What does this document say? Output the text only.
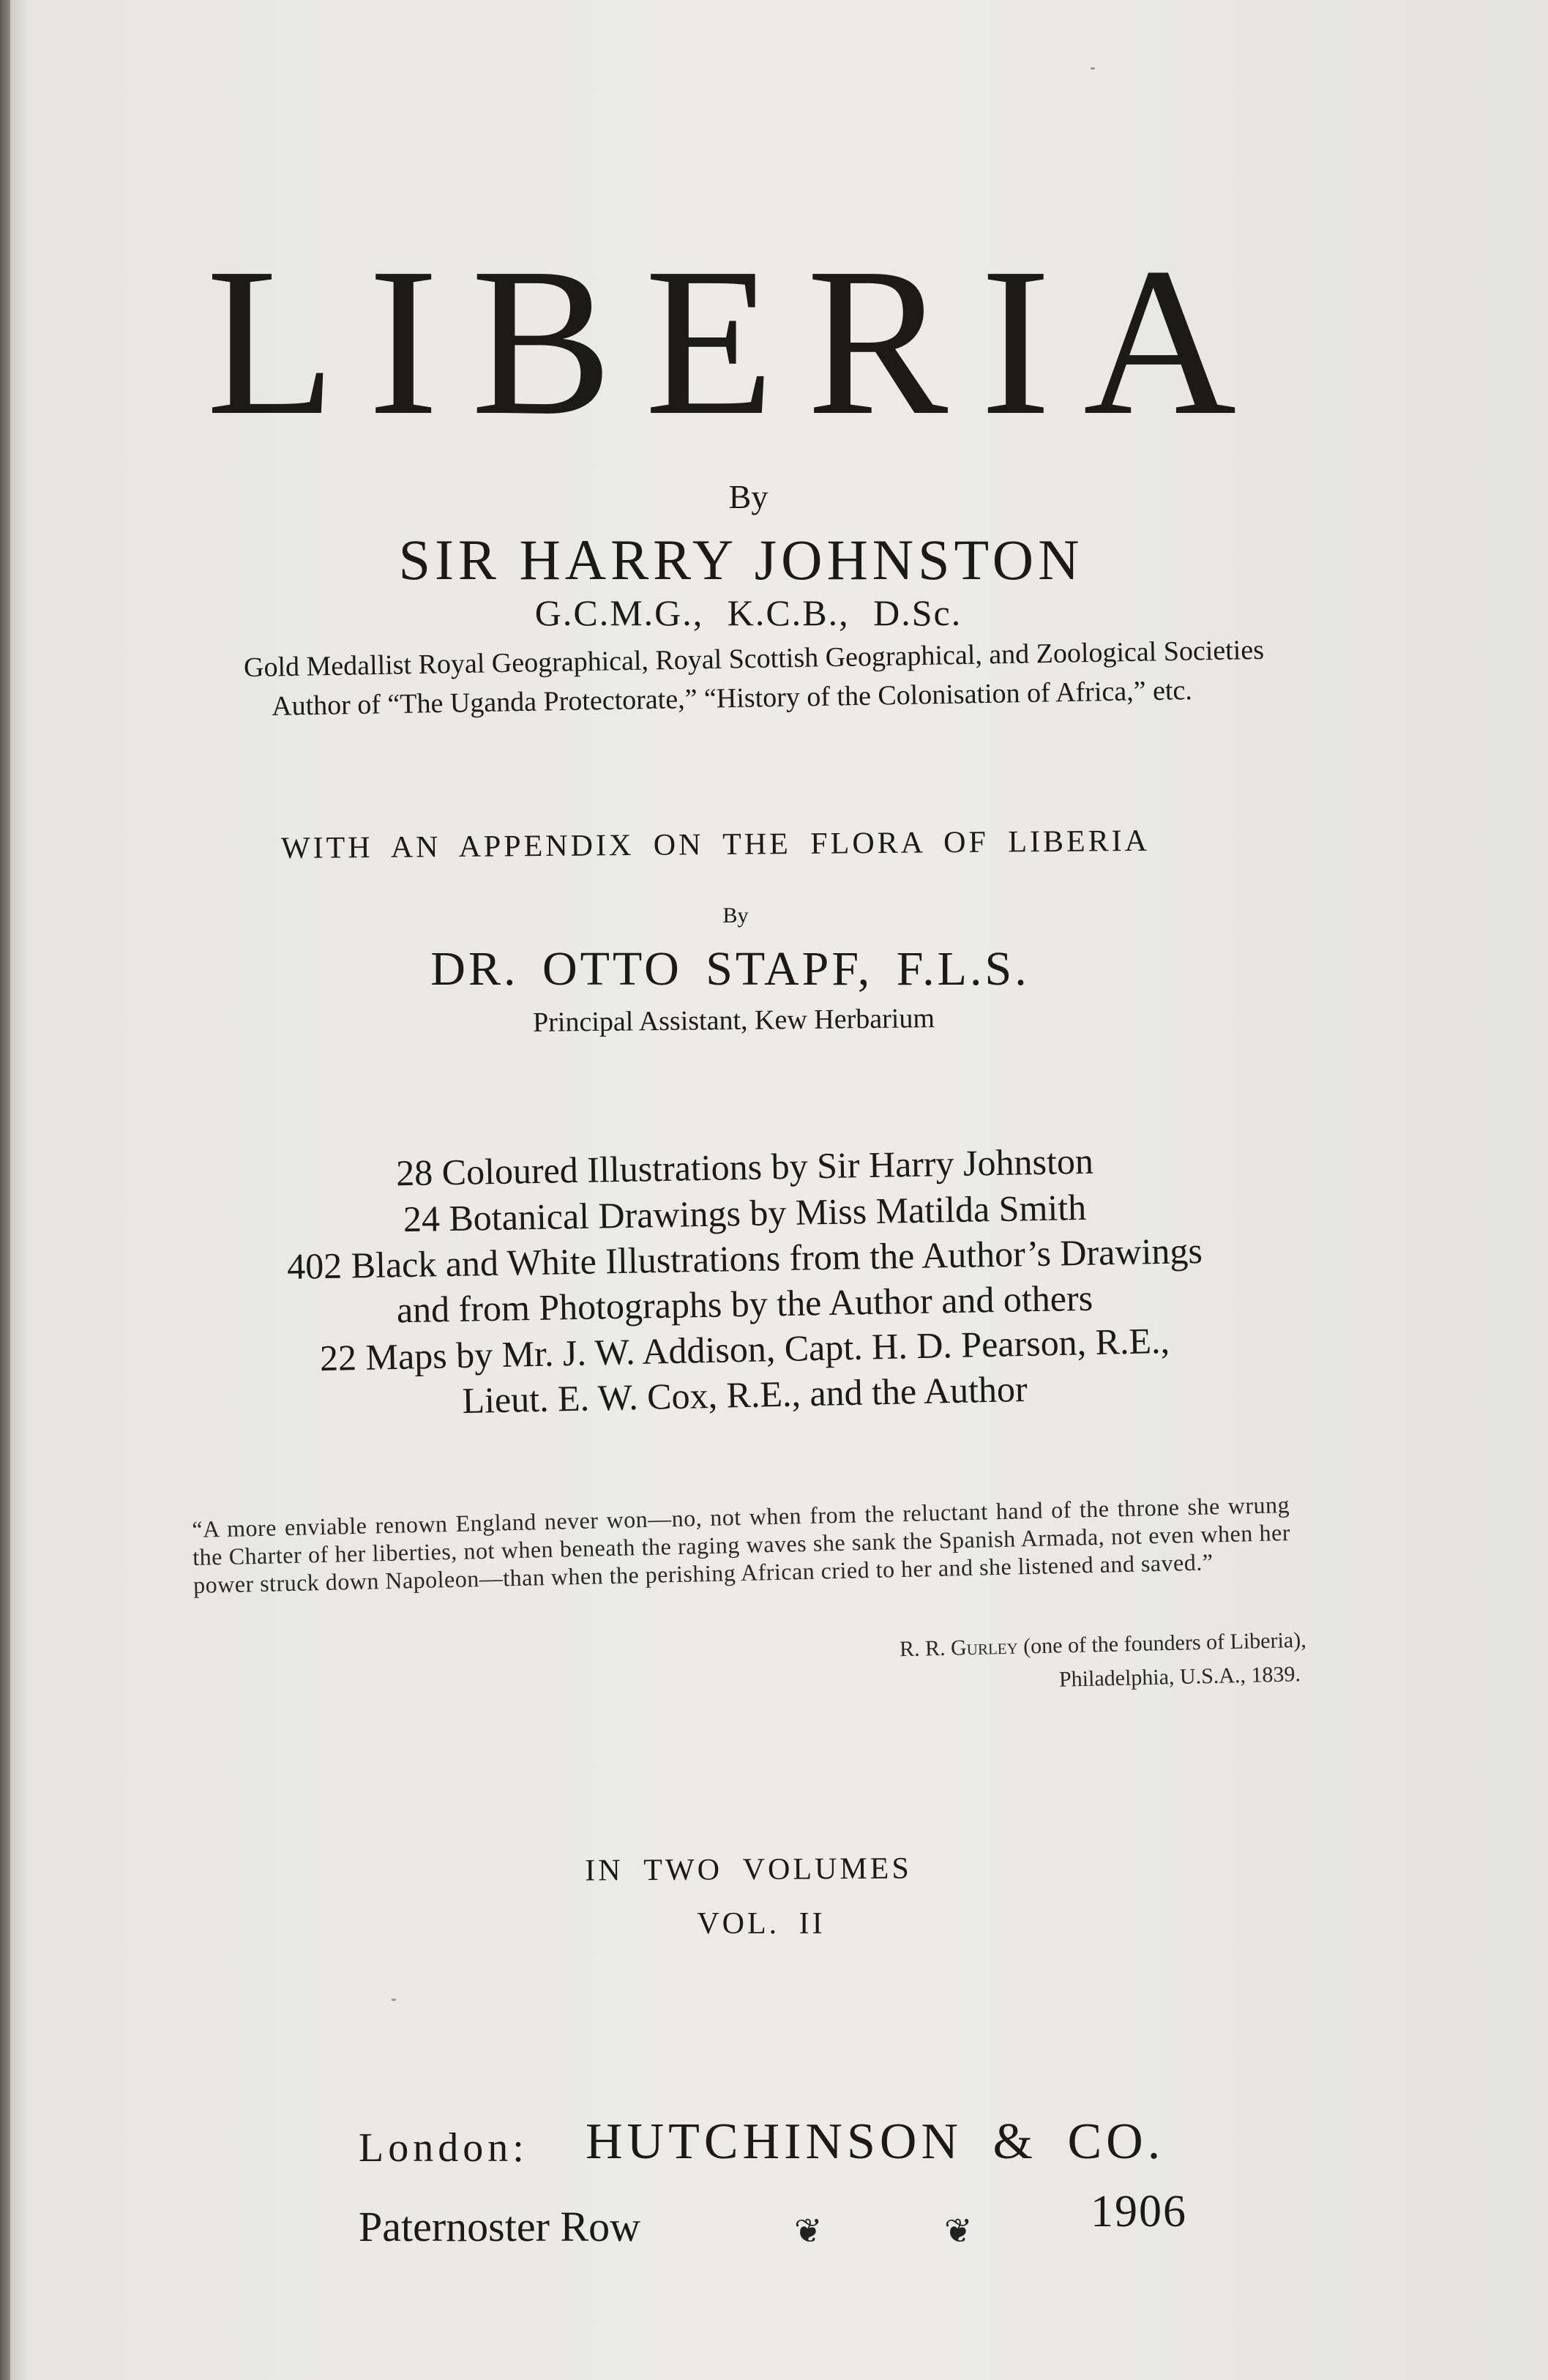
LIBERIA
By
SIR HARRY JOHNSTON
G.C.M.G., K.C.B., D.Sc.
Gold Medallist Royal Geographical, Royal Scottish Geographical, and Zoological Societies
Author of “The Uganda Protectorate,” “History of the Colonisation of Africa,” etc.
WITH AN APPENDIX ON THE FLORA OF LIBERIA
By
DR. OTTO STAPF, F.L.S.
Principal Assistant, Kew Herbarium
28 Coloured Illustrations by Sir Harry Johnston
24 Botanical Drawings by Miss Matilda Smith
402 Black and White Illustrations from the Author’s Drawings
and from Photographs by the Author and others
22 Maps by Mr. J. W. Addison, Capt. H. D. Pearson, R.E.,
Lieut. E. W. Cox, R.E., and the Author
“A more enviable renown England never won—no, not when from the reluctant hand of the throne she wrung the Charter of her liberties, not when beneath the raging waves she sank the Spanish Armada, not even when her power struck down Napoleon—than when the perishing African cried to her and she listened and saved.”
R. R. Gurley (one of the founders of Liberia),
Philadelphia, U.S.A., 1839.
IN TWO VOLUMES
VOL. II
London: HUTCHINSON & CO.
Paternoster Row	❦	❦	1906
